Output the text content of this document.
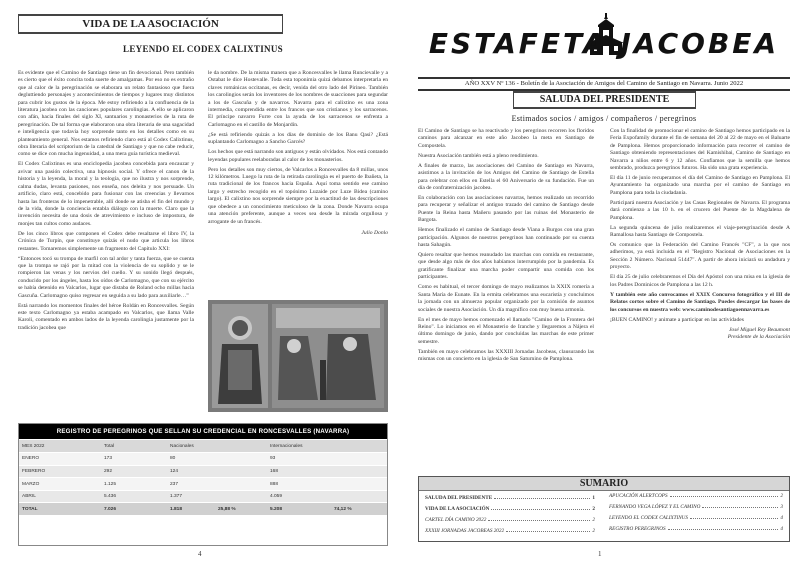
VIDA DE LA ASOCIACIÓN
LEYENDO EL CODEX CALIXTINUS

Es evidente que el Camino de Santiago tiene un fin devocional. Pero también es cierto que el éxito concita toda suerte de amalgamas. Por eso no es extraño que al calor de la peregrinación se elaborara un relato fantasioso que fuera degluttiendo personajes y acontecimientos de tiempos y lugares muy distintos para cubrir los gustos de la época. Me estoy refiriendo a la confluencia de la literatura jacobea con las canciones populares carolingias. A ello se aplicaron con afán, hacia finales del siglo XI, santuarios y monasterios de la ruta de peregrinación. De tal forma que elaboraron una obra literaria de una sagacidad e inteligencia que todavía hoy sorprende tanto en los detalles como en su planteamiento general. Nos estamos refiriendo claro está al Codex Calixtinus, obra literaria del scriptorium de la catedral de Santiago y que no cabe reducir, como se dice con mucha ingenuidad, a una mera guía turística medieval.

El Codex Calixtinus es una enciclopedia jacobea concebida para encauzar y avivar una pasión colectiva, una hipnosis social. Y ofrece el canon de la historia y la leyenda, la moral y la teología, que no ilustra y nos sorprende, calma dudas, levanta pasiones, nos enseña, nos deleita y nos persuade. Un artificio, claro está, concebido para fusionar con las creencias y llevarnos hasta las fronteras de lo impenetrable, allí donde se atisba el fin del mundo y de la vida, donde la conciencia entabla diálogo con la muerte. Claro que la invención necesita de una dosis de atrevimiento e incluso de impostura, de monjes tan cultos como audaces.

De los cinco libros que componen el Codex debe resaltarse el libro IV, la Crónica de Turpín, que constituye quizás el nudo que articula los libros restantes. Tomaremos simplemente un fragmento del Capítulo XXI:

“Entonces tocó su trompa de marfil con tal ardor y tanta fuerza, que se cuenta que la trompa se rajó por la mitad con la violencia de su soplido y se le rompieron las venas y los nervios del cuello. Y su sonido llegó después, conducido por los ángeles, hasta los oídos de Carlomagno, que con su ejército se había detenido en Valcarlos, lugar que distaba de Roland ocho millas hacia Gascuña. Carlomagno quiso regresar en seguida a su lado para auxiliarle…”

Está narrando los momentos finales del héroe Roldán en Roncesvalles. Según este texto Carlomagno ya estaba acampado en Valcarlos, que llama Valle Karoli, comentado en ambos lados de la leyenda carolingia justamente por la tradición jacobea que

le da nombre. De la misma manera que a Roncesvalles le llama Runcievalle y a Ostabat le dice Hostevalle. Toda esta toponimia quizá debamos interpretarla en claves románicas occitanas, es decir, venida del otro lado del Pirineo. También los carolingios serán los inventores de los nombres de suacciones para segundar a los de Gascuña y de navarros. Navarra para el calixtino es una zona intermedia, comprendida entre los francos que son cristianos y los sarracenos. El príncipe navarro Furre con la ayuda de los sarracenos se enfrenta a Carlomagno en el castillo de Monjardín.

¿Se está refiriendo quizás a los días de dominio de los Banu Qasi? ¿Está suplantando Carlomagno a Sancho Garcés?

Los hechos que está narrando son antiguos y están olvidados. Nos está contando leyendas populares reelaboradas al calor de los monasterios.

Pero los detalles son muy ciertos, de Valcarlos a Roncesvalles da 8 millas, unos 12 kilómetros. Luego la ruta de la retirada carolingia es el puerto de Ibañeta, la ruta tradicional de los francos hacia España. Aquí toma sentido ese camino largo y estrecho recogido en el topónimo Luzaide por Luze Bidea (camino largo). El calixtino nos sorprende siempre por la exactitud de las descripciones que obedece a un conocimiento meticuloso de la zona. Donde Navarra ocupa una atención preferente, aunque a veces sea desde la mirada orgullosa y arrogante de un francés.

Julio Donlo

REGISTRO DE PEREGRINOS QUE SELLAN SU CREDENCIAL EN RONCESVALLES (NAVARRA)
MES 2022	Total	Nacionales		Internacionales	
ENERO	173	80		93	
FEBRERO	292	124		168	
MARZO	1.125	237		888	
ABRIL	5.436	1.377		4.059	
TOTAL	7.026	1.818	25,88 %	5.208	74,12 %
4
ESTAFETA JACOBEA
AÑO XXV Nº 136 - Boletín de la Asociación de Amigos del Camino de Santiago en Navarra. Junio 2022
SALUDA DEL PRESIDENTE
Estimados socios / amigos / compañeros / peregrinos

El Camino de Santiago se ha reactivado y los peregrinos recorren los floridos caminos para alcanzar en este año Jacobeo la meta en Santiago de Compostela.

Nuestra Asociación también está a pleno rendimiento.

A finales de marzo, las asociaciones del Camino de Santiago en Navarra, asistimos a la invitación de los Amigos del Camino de Santiago de Estella para celebrar con ellos en Estella el 60 Aniversario de su fundación. Fue un día de confraternización jacobea.

En colaboración con las asociaciones navarras, hemos realizado un recorrido para recuperar y señalizar el antiguo trazado del camino de Santiago desde Puente la Reina hasta Mañeru pasando por las ruinas del Monasterio de Bargota.

Hemos finalizado el camino de Santiago desde Viana a Burgos con una gran participación. Algunos de nuestros peregrinos han continuado por su cuenta hasta Sahagún.

Quiero resaltar que hemos reanudado las marchas con comida en restaurante, que desde algo más de dos años habíamos interrumpido por la pandemia. Es gratificante finalizar una marcha poder compartir una comida con los participantes.

Como es habitual, el tercer domingo de mayo realizamos la XXIX romería a Santa María de Eunate. En la ermita celebramos una eucaristía y concluimos la jornada con un almuerzo popular organizado por la comisión de asuntos sociales de nuestra Asociación. Un día magnífico con muy buena armonía.

En el mes de mayo hemos comenzado el llamado "Camino de la Frontera del Reino". Lo iniciamos en el Monasterio de Iranche y llegaremos a Nájera el último domingo de junio, dando por concluidas las marchas de este primer semestre.

También en mayo celebramos las XXXIII Jornadas Jacobeas, clausurando las mismas con un concierto en la iglesia de San Saturnino de Pamplona.

Con la finalidad de promocionar el camino de Santiago hemos participado en la Feria Expofamily durante el fin de semana del 20 al 22 de mayo en el Baluarte de Pamplona. Hemos proporcionado información para recorrer el camino de Santiago obteniendo representaciones del Kamishibai, Camino de Santiago en Navarra a niños entre 6 y 12 años. Confiamos que la semilla que hemos sembrado, produzca peregrinos futuros. Ha sido una grata experiencia.

El día 11 de junio recuperamos el día del Camino de Santiago en Pamplona. El Ayuntamiento ha organizado una marcha por el camino de Santiago en Pamplona para toda la ciudadanía.

Participará nuestra Asociación y las Casas Regionales de Navarra. El programa dará comienzo a las 10 h. en el crucero del Puente de la Magdalena de Pamplona.

La segunda quincena de julio realizaremos el viaje-peregrinación desde A Ramallosa hasta Santiago de Compostela.

Os comunico que la Federación del Camino Francés "CF", a la que nos adherimos, ya está incluida en el "Registro Nacional de Asociaciones en la Sección 2 Número. Nacional 51447". A partir de ahora iniciará su andadura y proyecto.

El día 25 de julio celebraremos el Día del Apóstol con una misa en la iglesia de los Padres Dominicos de Pamplona a las 12 h.

Y también este año convocamos el XXIX Concurso fotográfico y el III de Relatos cortos sobre el Camino de Santiago. Puedes descargar las bases de los concursos en nuestra web: www.caminodesantiagoennavarra.es

¡BUEN CAMINO! y animate a participar en las actividades

José Miguel Rey Beaumont

Presidente de la Asociación

SUMARIO
SALUDA DEL PRESIDENTE	1
VIDA DE LA ASOCIACIÓN	2
CARTEL DÍA CAMINO 2022	2
XXXIII JORNADAS JACOBEAS 2022	2
APUCACIÓN ALERTCOPS	2
FERNANDO VEGA LÓPEZ Y EL CAMINO	3
LEYENDO EL CODEX CALIXTINUS	4
REGISTRO PEREGRINOS	4
1
